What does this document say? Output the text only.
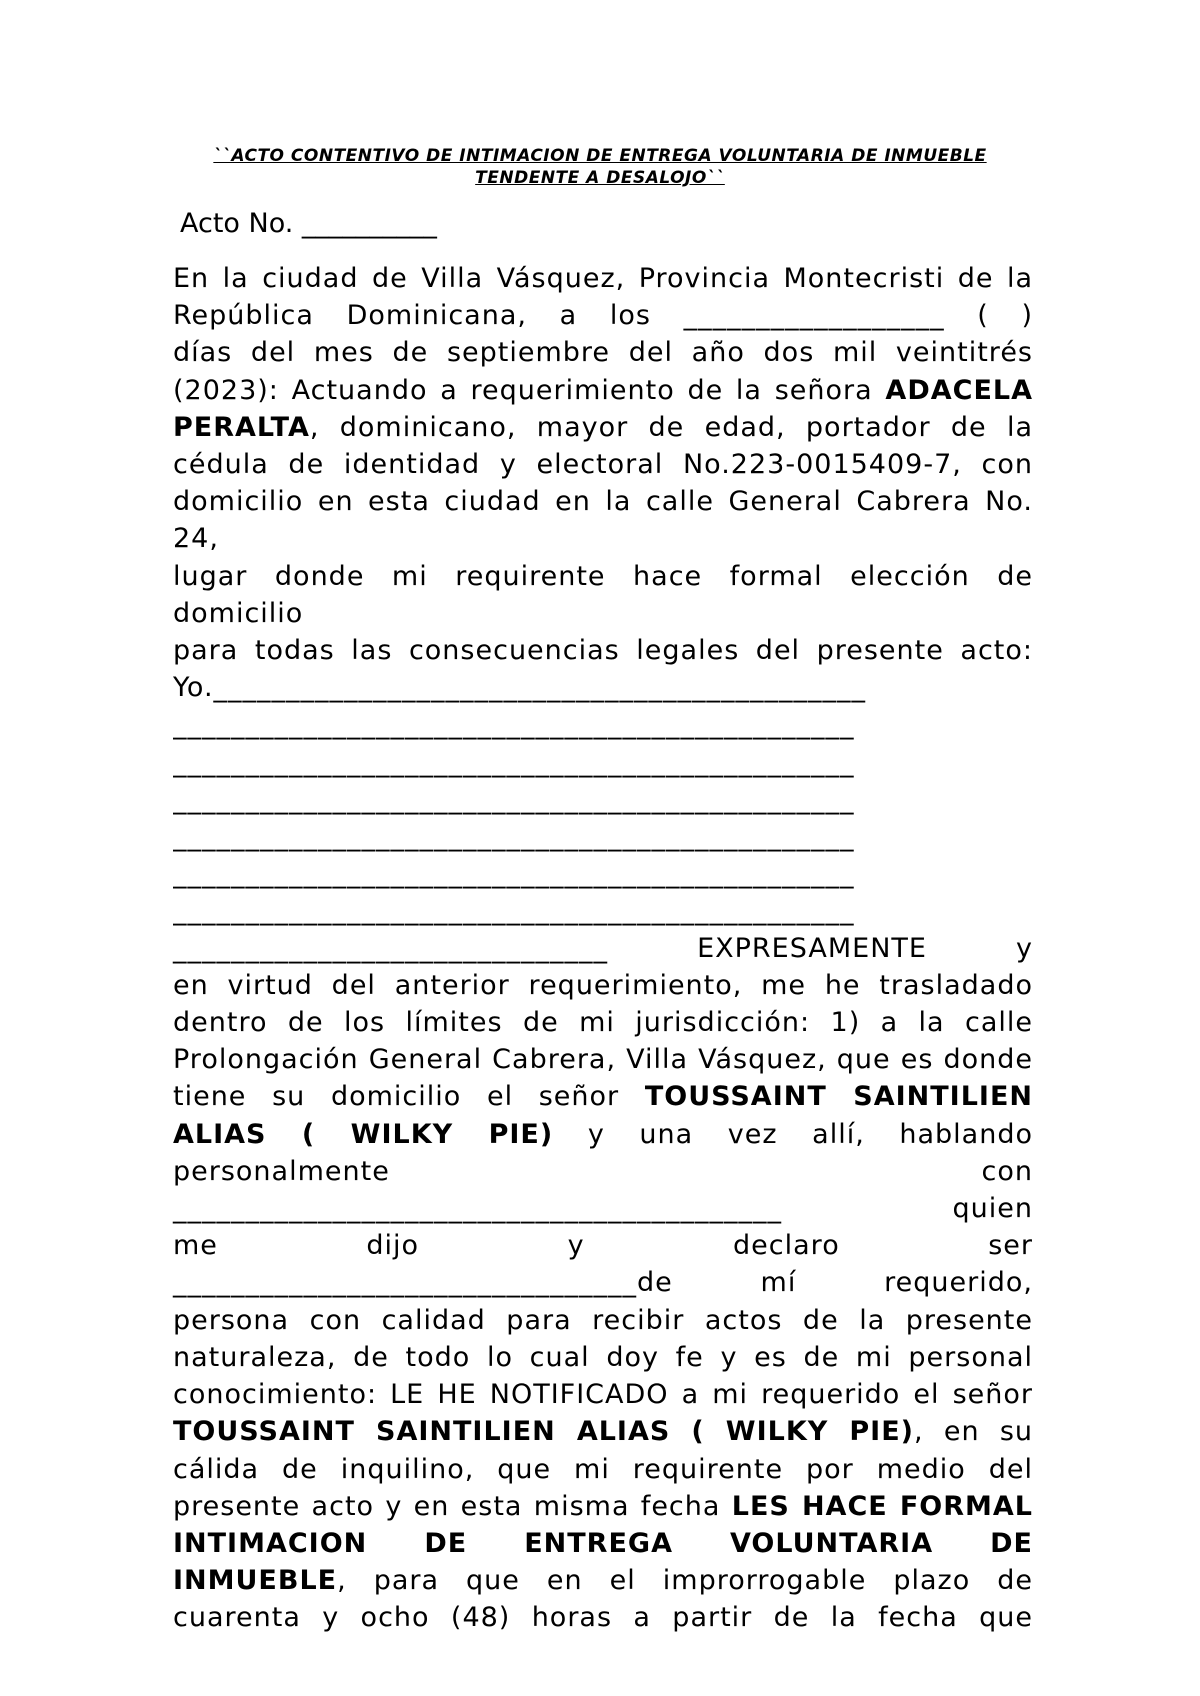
``ACTO CONTENTIVO DE INTIMACION DE ENTREGA VOLUNTARIA DE INMUEBLE
TENDENTE A DESALOJO``
Acto No. __________
En la ciudad de Villa Vásquez, Provincia Montecristi de la
República Dominicana, a los __________________ ( )
días del mes de septiembre del año dos mil veintitrés
(2023): Actuando a requerimiento de la señora ADACELA
PERALTA, dominicano, mayor de edad, portador de la
cédula de identidad y electoral No.223-0015409-7, con
domicilio en esta ciudad en la calle General Cabrera No. 24,
lugar donde mi requirente hace formal elección de domicilio
para todas las consecuencias legales del presente acto:
Yo._____________________________________________
_______________________________________________
_______________________________________________
_______________________________________________
_______________________________________________
_______________________________________________
_______________________________________________
______________________________ EXPRESAMENTE y
en virtud del anterior requerimiento, me he trasladado
dentro de los límites de mi jurisdicción: 1) a la calle
Prolongación General Cabrera, Villa Vásquez, que es donde
tiene su domicilio el señor TOUSSAINT SAINTILIEN
ALIAS ( WILKY PIE) y una vez allí, hablando
personalmente con
__________________________________________ quien
me dijo y declaro ser
________________________________de mí requerido,
persona con calidad para recibir actos de la presente
naturaleza, de todo lo cual doy fe y es de mi personal
conocimiento: LE HE NOTIFICADO a mi requerido el señor
TOUSSAINT SAINTILIEN ALIAS ( WILKY PIE), en su
cálida de inquilino, que mi requirente por medio del
presente acto y en esta misma fecha LES HACE FORMAL
INTIMACION DE ENTREGA VOLUNTARIA DE
INMUEBLE, para que en el improrrogable plazo de
cuarenta y ocho (48) horas a partir de la fecha que
